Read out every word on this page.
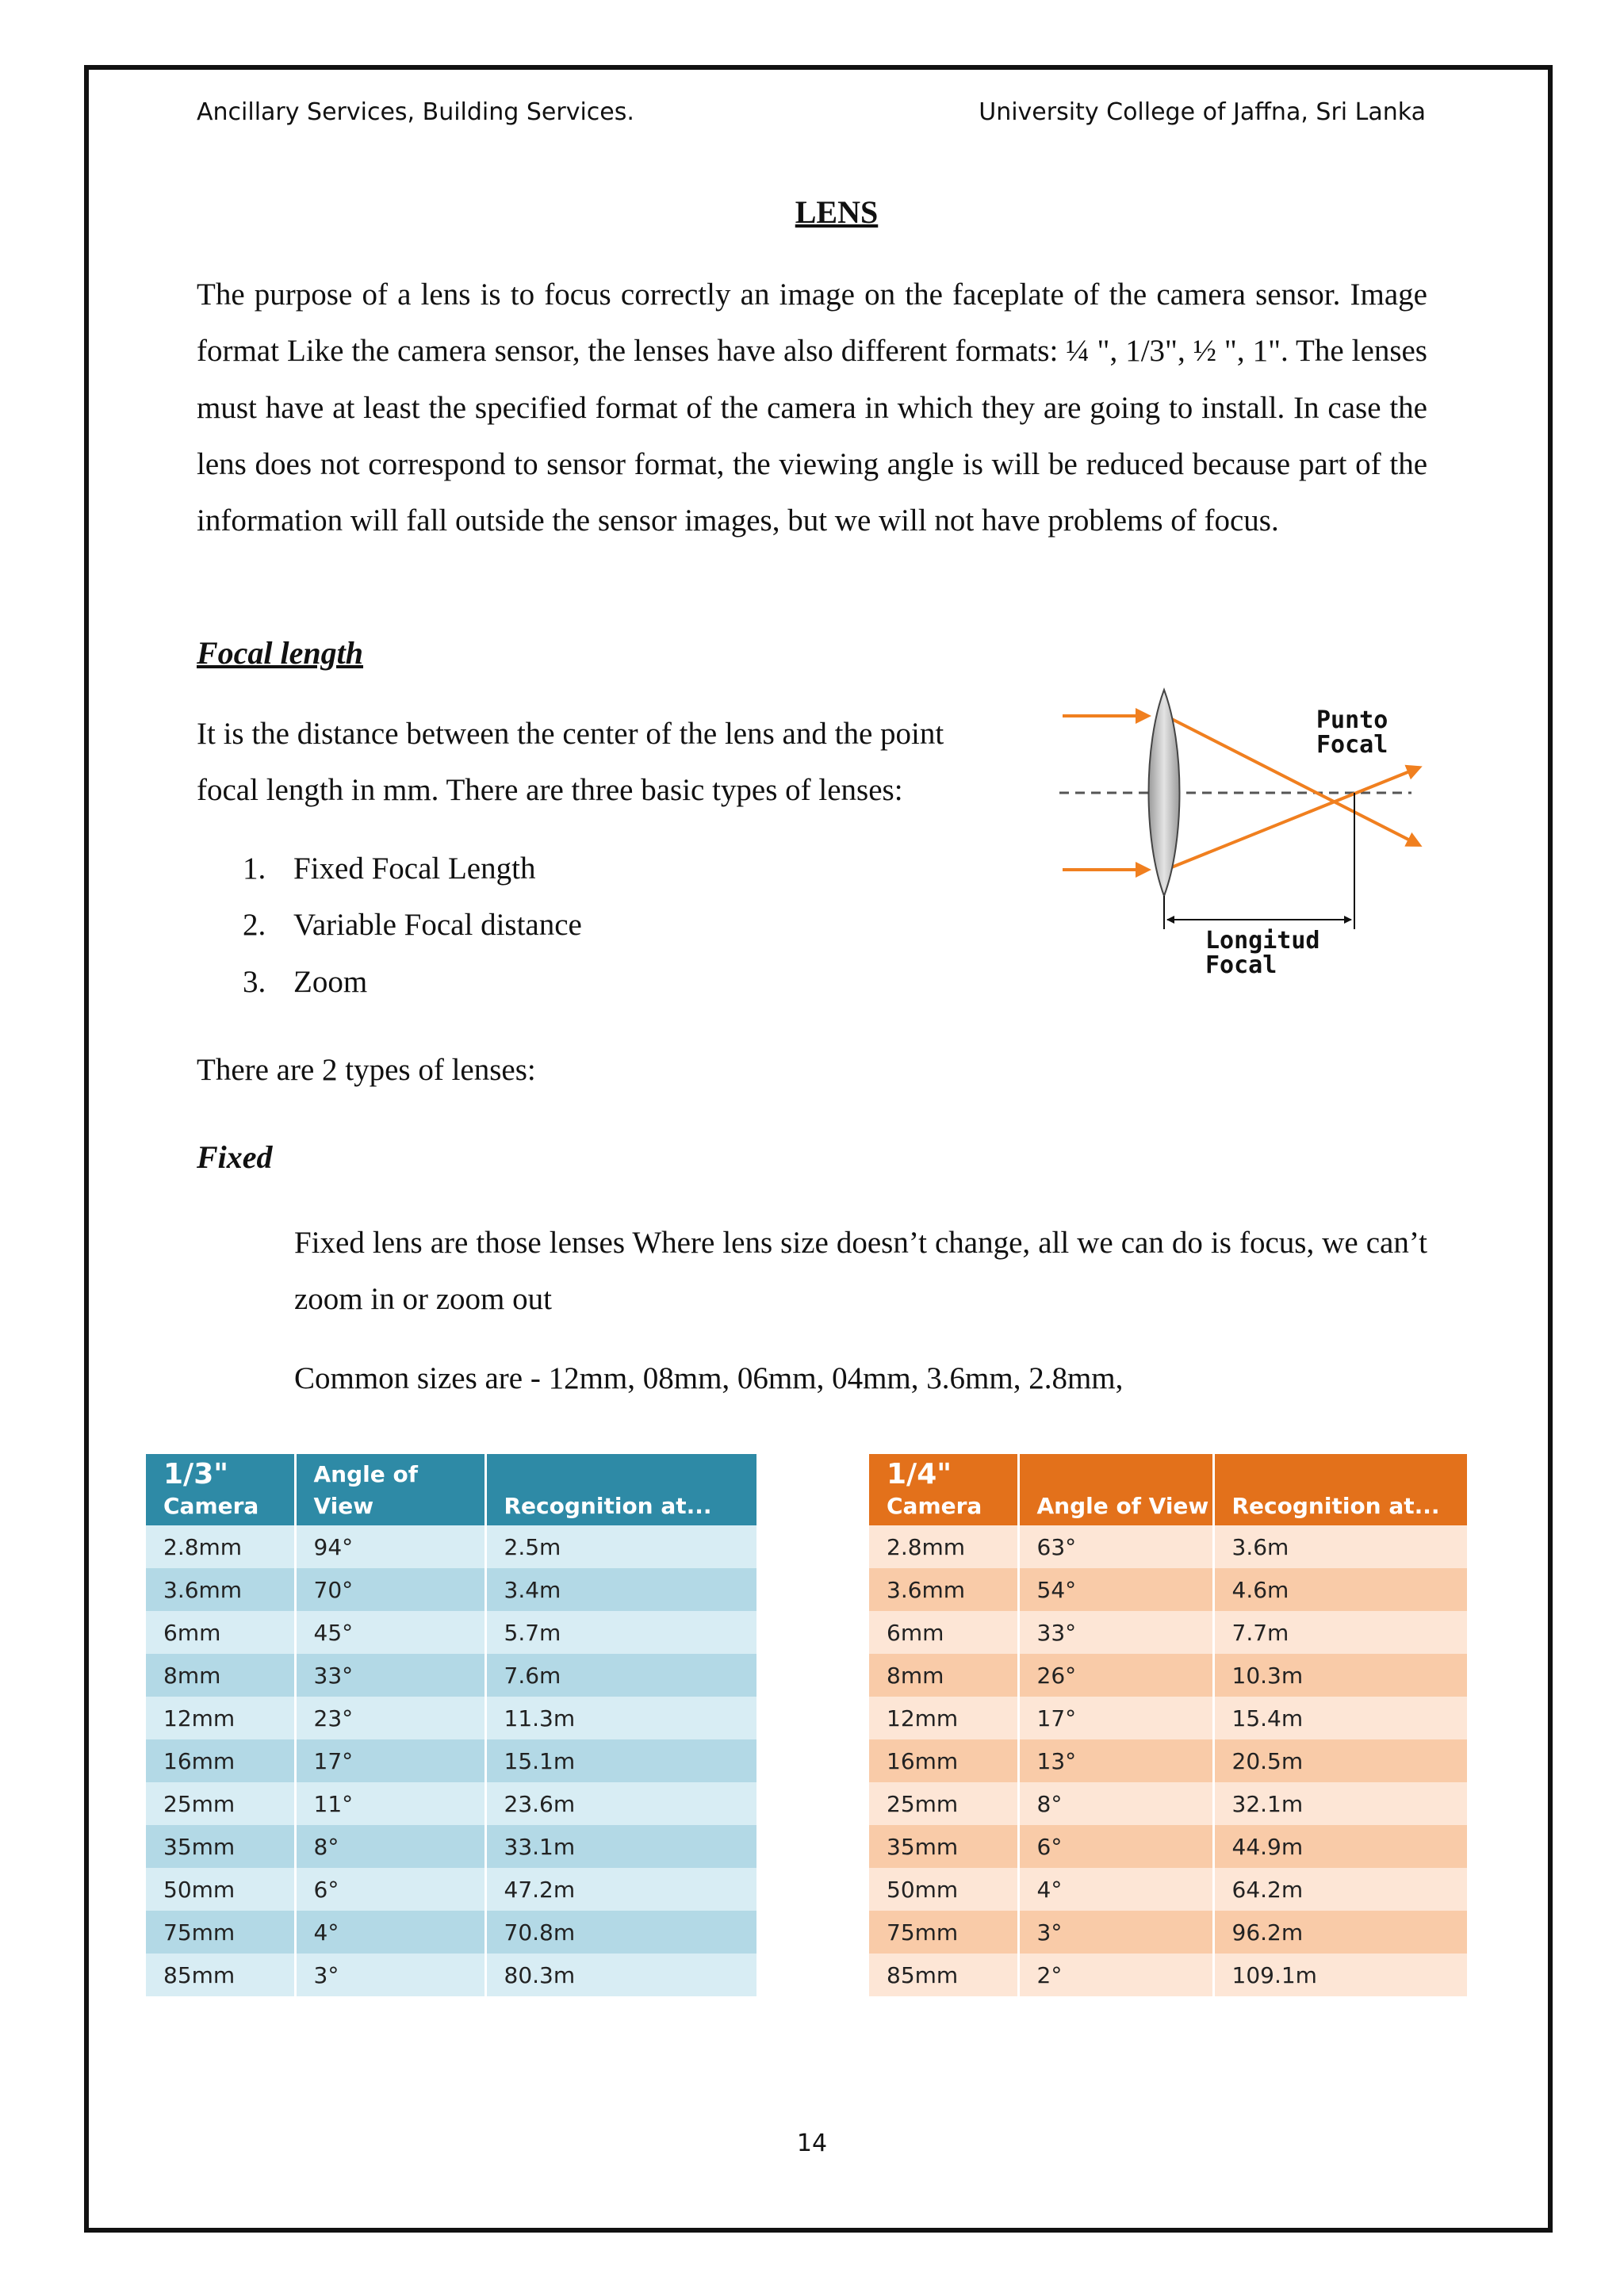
Ancillary Services, Building Services.	University College of Jaffna, Sri Lanka
LENS

The purpose of a lens is to focus correctly an image on the faceplate of the camera sensor. Image format Like the camera sensor, the lenses have also different formats: ¼ ", 1/3", ½ ", 1". The lenses must have at least the specified format of the camera in which they are going to install. In case the lens does not correspond to sensor format, the viewing angle is will be reduced because part of the information will fall outside the sensor images, but we will not have problems of focus.

Focal length

It is the distance between the center of the lens and the point
focal length in mm. There are three basic types of lenses:

1. Fixed Focal Length
2. Variable Focal distance
3. Zoom
Punto
Focal
Longitud
Focal

There are 2 types of lenses:

Fixed

Fixed lens are those lenses Where lens size doesn’t change, all we can do is focus, we can’t zoom in or zoom out

Common sizes are - 12mm, 08mm, 06mm, 04mm, 3.6mm, 2.8mm,

1/3"
Camera	Angle of View	Recognition at...

2.8mm	94°	2.5m
3.6mm	70°	3.4m
6mm	45°	5.7m
8mm	33°	7.6m
12mm	23°	11.3m
16mm	17°	15.1m
25mm	11°	23.6m
35mm	8°	33.1m
50mm	6°	47.2m
75mm	4°	70.8m
85mm	3°	80.3m
1/4"
Camera	Angle of View	Recognition at...

2.8mm	63°	3.6m
3.6mm	54°	4.6m
6mm	33°	7.7m
8mm	26°	10.3m
12mm	17°	15.4m
16mm	13°	20.5m
25mm	8°	32.1m
35mm	6°	44.9m
50mm	4°	64.2m
75mm	3°	96.2m
85mm	2°	109.1m
14
